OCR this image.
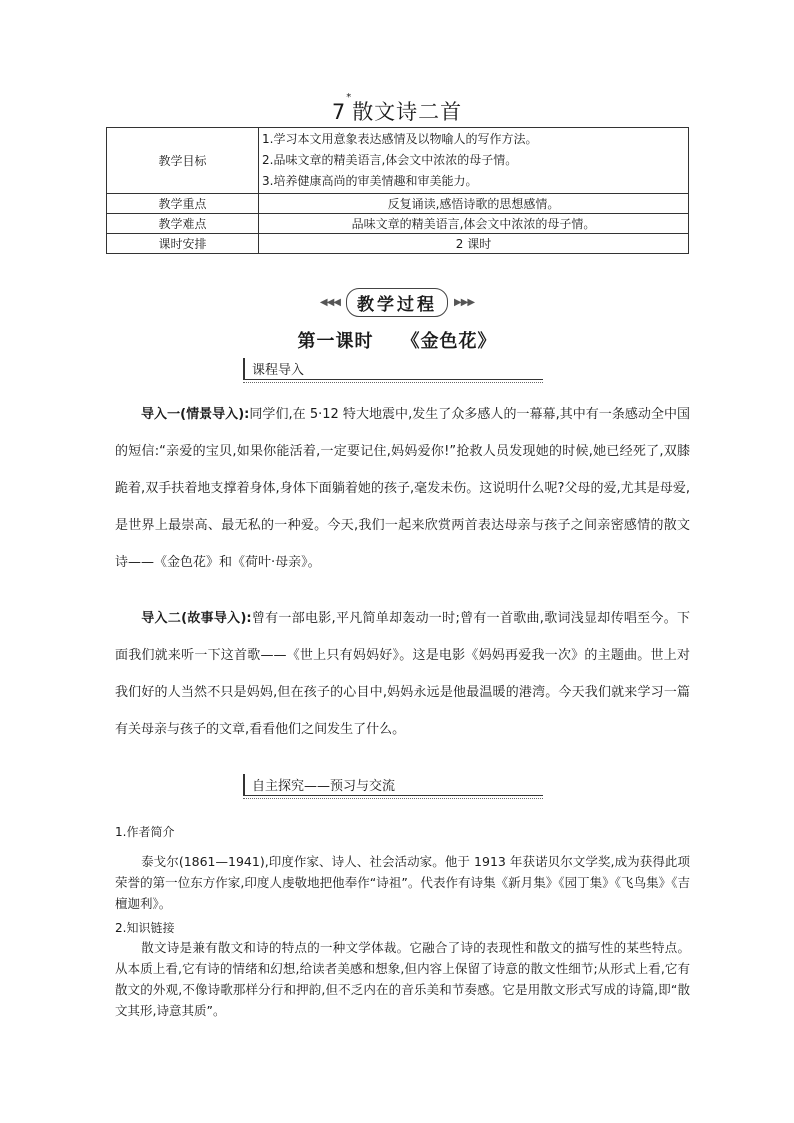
7*散文诗二首
教学目标	1.学习本文用意象表达感情及以物喻人的写作方法。
2.品味文章的精美语言,体会文中浓浓的母子情。
3.培养健康高尚的审美情趣和审美能力。

教学重点	反复诵读,感悟诗歌的思想感情。
教学难点	品味文章的精美语言,体会文中浓浓的母子情。
课时安排	2 课时
◀◀◀	教学过程	▶▶▶
第一课时 《金色花》
课程导入
导入一(情景导入):同学们,在 5·12 特大地震中,发生了众多感人的一幕幕,其中有一条感动全中国的短信:“亲爱的宝贝,如果你能活着,一定要记住,妈妈爱你!”抢救人员发现她的时候,她已经死了,双膝跪着,双手扶着地支撑着身体,身体下面躺着她的孩子,毫发未伤。这说明什么呢?父母的爱,尤其是母爱,是世界上最崇高、最无私的一种爱。今天,我们一起来欣赏两首表达母亲与孩子之间亲密感情的散文诗——《金色花》和《荷叶·母亲》。
导入二(故事导入):曾有一部电影,平凡简单却轰动一时;曾有一首歌曲,歌词浅显却传唱至今。下面我们就来听一下这首歌——《世上只有妈妈好》。这是电影《妈妈再爱我一次》的主题曲。世上对我们好的人当然不只是妈妈,但在孩子的心目中,妈妈永远是他最温暖的港湾。今天我们就来学习一篇有关母亲与孩子的文章,看看他们之间发生了什么。
自主探究——预习与交流
1.作者简介
泰戈尔(1861—1941),印度作家、诗人、社会活动家。他于 1913 年获诺贝尔文学奖,成为获得此项荣誉的第一位东方作家,印度人虔敬地把他奉作“诗祖”。代表作有诗集《新月集》《园丁集》《飞鸟集》《吉檀迦利》。
2.知识链接
散文诗是兼有散文和诗的特点的一种文学体裁。它融合了诗的表现性和散文的描写性的某些特点。从本质上看,它有诗的情绪和幻想,给读者美感和想象,但内容上保留了诗意的散文性细节;从形式上看,它有散文的外观,不像诗歌那样分行和押韵,但不乏内在的音乐美和节奏感。它是用散文形式写成的诗篇,即“散文其形,诗意其质”。
